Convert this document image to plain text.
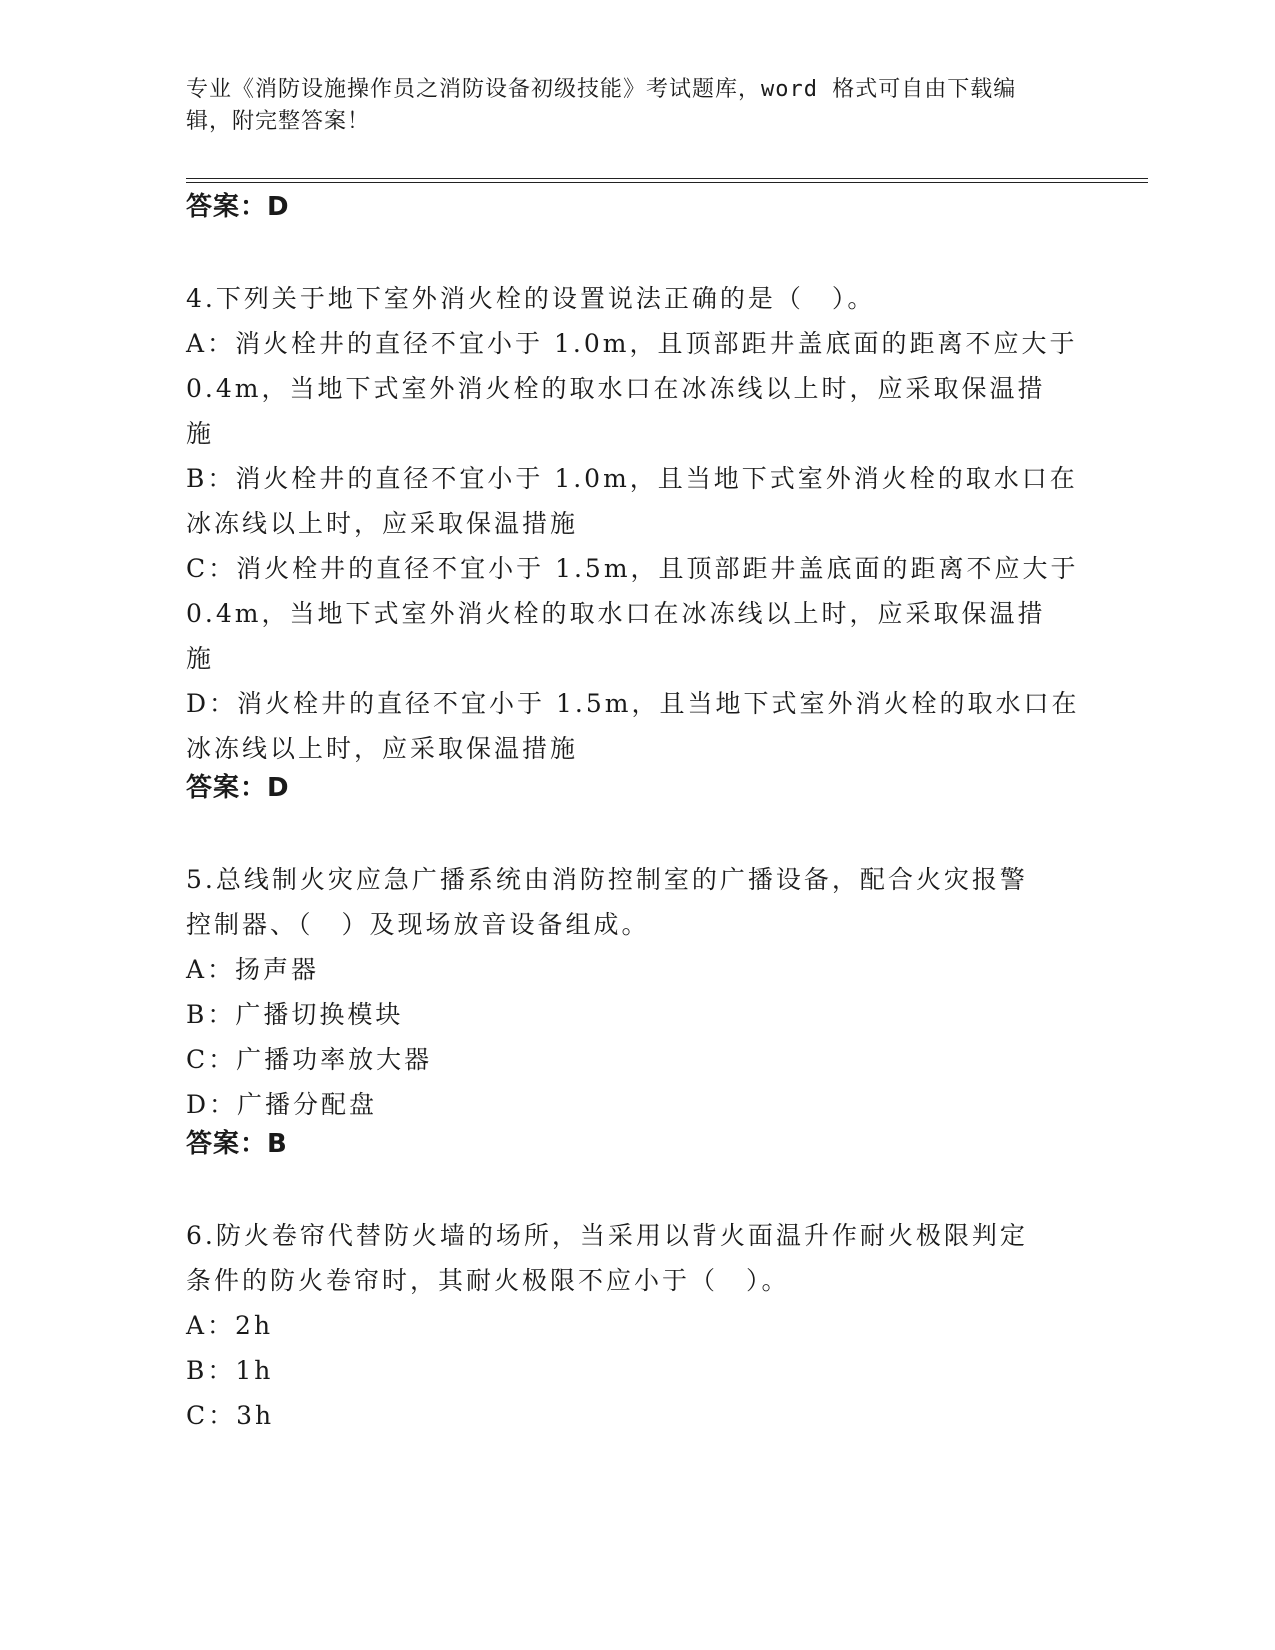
专业《消防设施操作员之消防设备初级技能》考试题库，word 格式可自由下载编
辑，附完整答案！
答案：D
4.下列关于地下室外消火栓的设置说法正确的是（　）。
A：消火栓井的直径不宜小于 1.0m，且顶部距井盖底面的距离不应大于
0.4m，当地下式室外消火栓的取水口在冰冻线以上时，应采取保温措
施
B：消火栓井的直径不宜小于 1.0m，且当地下式室外消火栓的取水口在
冰冻线以上时，应采取保温措施
C：消火栓井的直径不宜小于 1.5m，且顶部距井盖底面的距离不应大于
0.4m，当地下式室外消火栓的取水口在冰冻线以上时，应采取保温措
施
D：消火栓井的直径不宜小于 1.5m，且当地下式室外消火栓的取水口在
冰冻线以上时，应采取保温措施
答案：D
5.总线制火灾应急广播系统由消防控制室的广播设备，配合火灾报警
控制器、（　）及现场放音设备组成。
A：扬声器
B：广播切换模块
C：广播功率放大器
D：广播分配盘
答案：B
6.防火卷帘代替防火墙的场所，当采用以背火面温升作耐火极限判定
条件的防火卷帘时，其耐火极限不应小于（　）。
A：2h
B：1h
C：3h
